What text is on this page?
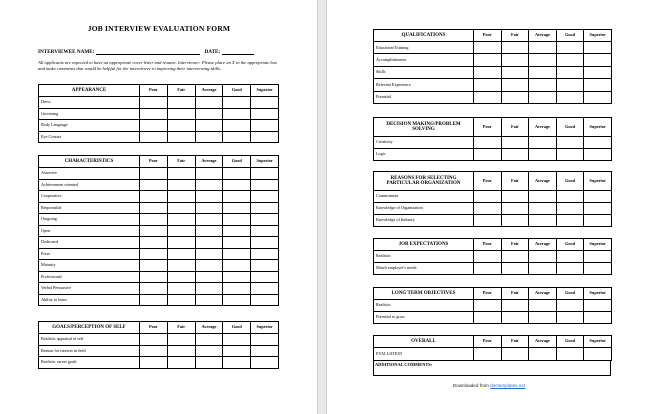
JOB INTERVIEW EVALUATION FORM
INTERVIEWEE NAME:	DATE:
All applicants are expected to have an appropriate cover letter and resume. Interviewer: Please place an X in the appropriate box and make comments that would be helpful for the interviewee in improving their interviewing skills.
APPEARANCE	Poor	Fair	Average	Good	Superior
Dress					
Grooming					
Body Language					
Eye Contact					
CHARACTERISTICS	Poor	Fair	Average	Good	Superior
Assertive					
Achievement oriented					
Cooperative					
Responsible					
Outgoing					
Open					
Dedicated					
Poise					
Maturity					
Professional					
Verbal Persuasive					
Ability to learn					
GOALS/PERCEPTION OF SELF	Poor	Fair	Average	Good	Superior
Realistic appraisal of self					
Reason for interest in field					
Realistic career goals					
Downloaded from doctemplates.net
QUALIFICATIONS	Poor	Fair	Average	Good	Superior
Education/Training					
Accomplishments					
Skills					
Relevant Experience					
Potential					
DECISION MAKING/PROBLEM SOLVING	Poor	Fair	Average	Good	Superior
Creativity					
Logic					
REASONS FOR SELECTING PARTICULAR ORGANIZATION	Poor	Fair	Average	Good	Superior
Commitment					
Knowledge of Organization					
Knowledge of Industry					
JOB EXPECTATIONS	Poor	Fair	Average	Good	Superior
Realistic					
Match employer's needs					
LONG TERM OBJECTIVES	Poor	Fair	Average	Good	Superior
Realistic					
Potential to grow					
OVERALL	Poor	Fair	Average	Good	Superior
EVALUATION					
ADDITIONAL COMMENTS:
